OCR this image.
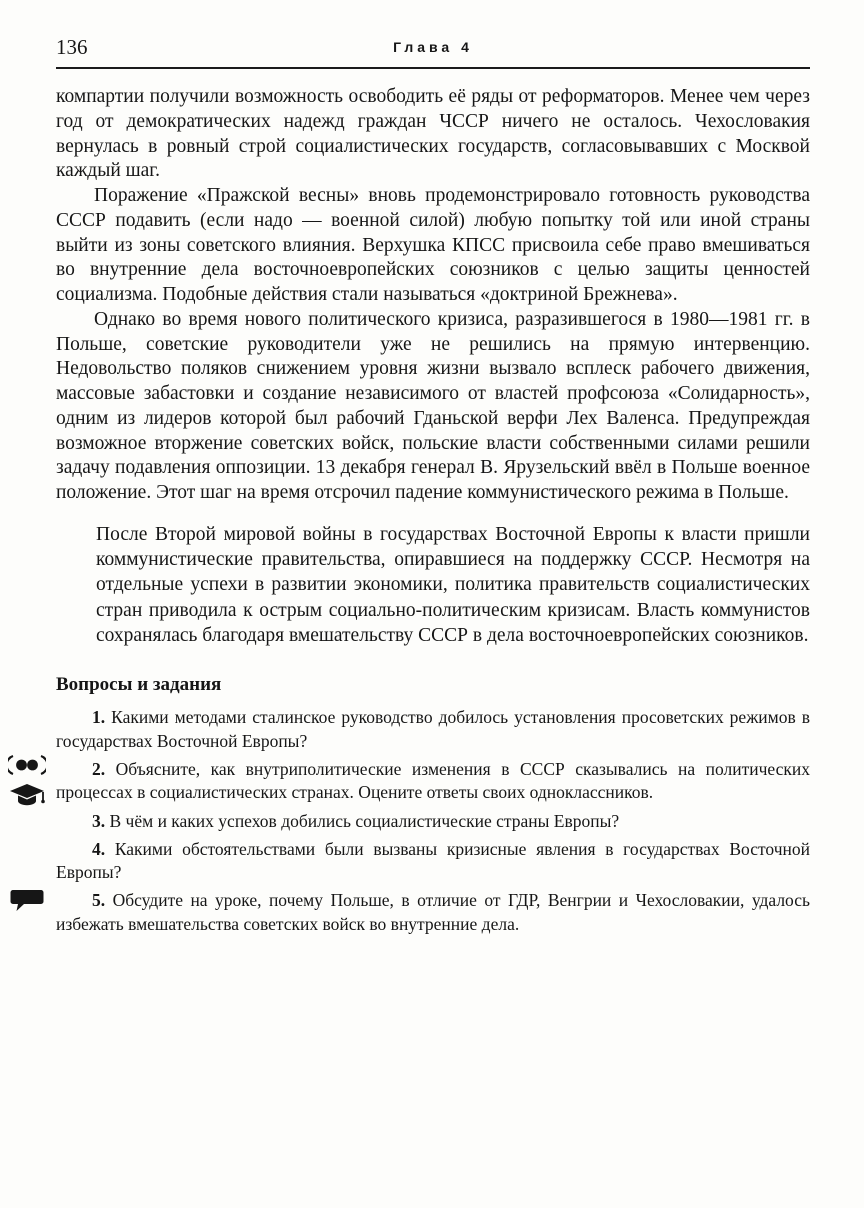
136	Глава 4

компартии получили возможность освободить её ряды от реформаторов. Менее чем через год от демократических надежд граждан ЧССР ничего не осталось. Чехословакия вернулась в ровный строй социалистических государств, согласовывавших с Москвой каждый шаг.

Поражение «Пражской весны» вновь продемонстрировало готовность руководства СССР подавить (если надо — военной силой) любую попытку той или иной страны выйти из зоны советского влияния. Верхушка КПСС присвоила себе право вмешиваться во внутренние дела восточноевропейских союзников с целью защиты ценностей социализма. Подобные действия стали называться «доктриной Брежнева».

Однако во время нового политического кризиса, разразившегося в 1980—1981 гг. в Польше, советские руководители уже не решились на прямую интервенцию. Недовольство поляков снижением уровня жизни вызвало всплеск рабочего движения, массовые забастовки и создание независимого от властей профсоюза «Солидарность», одним из лидеров которой был рабочий Гданьской верфи Лех Валенса. Предупреждая возможное вторжение советских войск, польские власти собственными силами решили задачу подавления оппозиции. 13 декабря генерал В. Ярузельский ввёл в Польше военное положение. Этот шаг на время отсрочил падение коммунистического режима в Польше.

После Второй мировой войны в государствах Восточной Европы к власти пришли коммунистические правительства, опиравшиеся на поддержку СССР. Несмотря на отдельные успехи в развитии экономики, политика правительств социалистических стран приводила к острым социально-политическим кризисам. Власть коммунистов сохранялась благодаря вмешательству СССР в дела восточноевропейских союзников.

Вопросы и задания
1. Какими методами сталинское руководство добилось установления просоветских режимов в государствах Восточной Европы?
2. Объясните, как внутриполитические изменения в СССР сказывались на политических процессах в социалистических странах. Оцените ответы своих одноклассников.
3. В чём и каких успехов добились социалистические страны Европы?
4. Какими обстоятельствами были вызваны кризисные явления в государствах Восточной Европы?
5. Обсудите на уроке, почему Польше, в отличие от ГДР, Венгрии и Чехословакии, удалось избежать вмешательства советских войск во внутренние дела.
